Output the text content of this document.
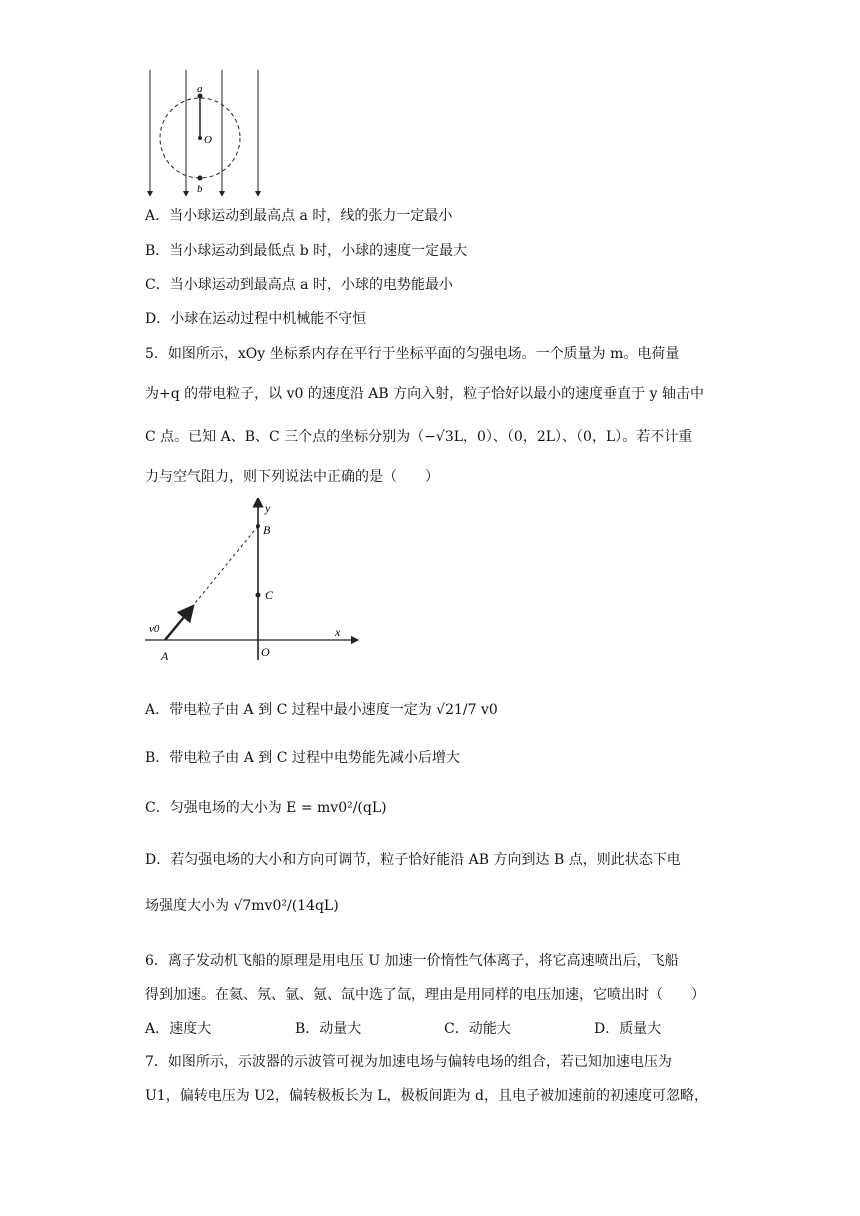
a
O
b
A．当小球运动到最高点 a 时，线的张力一定最小
B．当小球运动到最低点 b 时，小球的速度一定最大
C．当小球运动到最高点 a 时，小球的电势能最小
D．小球在运动过程中机械能不守恒
5．如图所示，xOy 坐标系内存在平行于坐标平面的匀强电场。一个质量为 m。电荷量
为+q 的带电粒子，以 v0 的速度沿 AB 方向入射，粒子恰好以最小的速度垂直于 y 轴击中
C 点。已知 A、B、C 三个点的坐标分别为（−√3L，0）、（0，2L）、（0，L）。若不计重
力与空气阻力，则下列说法中正确的是（　　）
y
x
B
C
v0
A	O
A．带电粒子由 A 到 C 过程中最小速度一定为 √21/7 v0
B．带电粒子由 A 到 C 过程中电势能先减小后增大
C．匀强电场的大小为 E = mv0²/(qL)
D．若匀强电场的大小和方向可调节，粒子恰好能沿 AB 方向到达 B 点，则此状态下电
场强度大小为 √7mv0²/(14qL)
6．离子发动机飞船的原理是用电压 U 加速一价惰性气体离子，将它高速喷出后，飞船
得到加速。在氦、氖、氩、氪、氙中选了氙，理由是用同样的电压加速，它喷出时（　　）
A．速度大	B．动量大	C．动能大	D．质量大
7．如图所示，示波器的示波管可视为加速电场与偏转电场的组合，若已知加速电压为
U1，偏转电压为 U2，偏转极板长为 L，极板间距为 d，且电子被加速前的初速度可忽略，
